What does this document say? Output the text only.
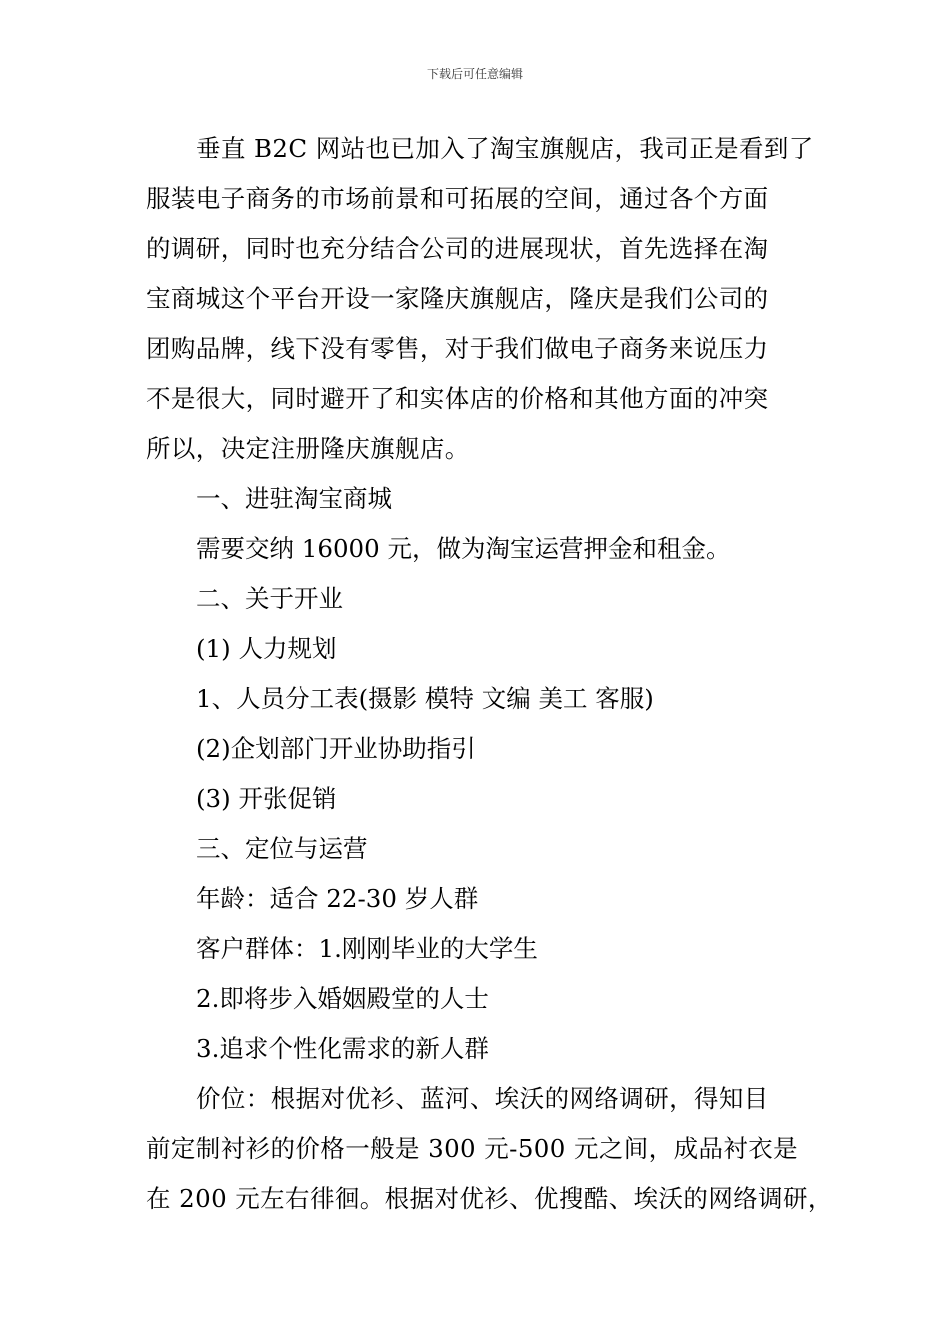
下载后可任意编辑

垂直 B2C 网站也已加入了淘宝旗舰店，我司正是看到了

服装电子商务的市场前景和可拓展的空间，通过各个方面

的调研，同时也充分结合公司的进展现状，首先选择在淘

宝商城这个平台开设一家隆庆旗舰店，隆庆是我们公司的

团购品牌，线下没有零售，对于我们做电子商务来说压力

不是很大，同时避开了和实体店的价格和其他方面的冲突

所以，决定注册隆庆旗舰店。

一、进驻淘宝商城

需要交纳 16000 元，做为淘宝运营押金和租金。

二、关于开业

(1) 人力规划

1、人员分工表(摄影 模特 文编 美工 客服)

(2)企划部门开业协助指引

(3) 开张促销

三、定位与运营

年龄：适合 22-30 岁人群

客户群体：1.刚刚毕业的大学生

2.即将步入婚姻殿堂的人士

3.追求个性化需求的新人群

价位：根据对优衫、蓝河、埃沃的网络调研，得知目

前定制衬衫的价格一般是 300 元-500 元之间，成品衬衣是

在 200 元左右徘徊。根据对优衫、优搜酷、埃沃的网络调研，
